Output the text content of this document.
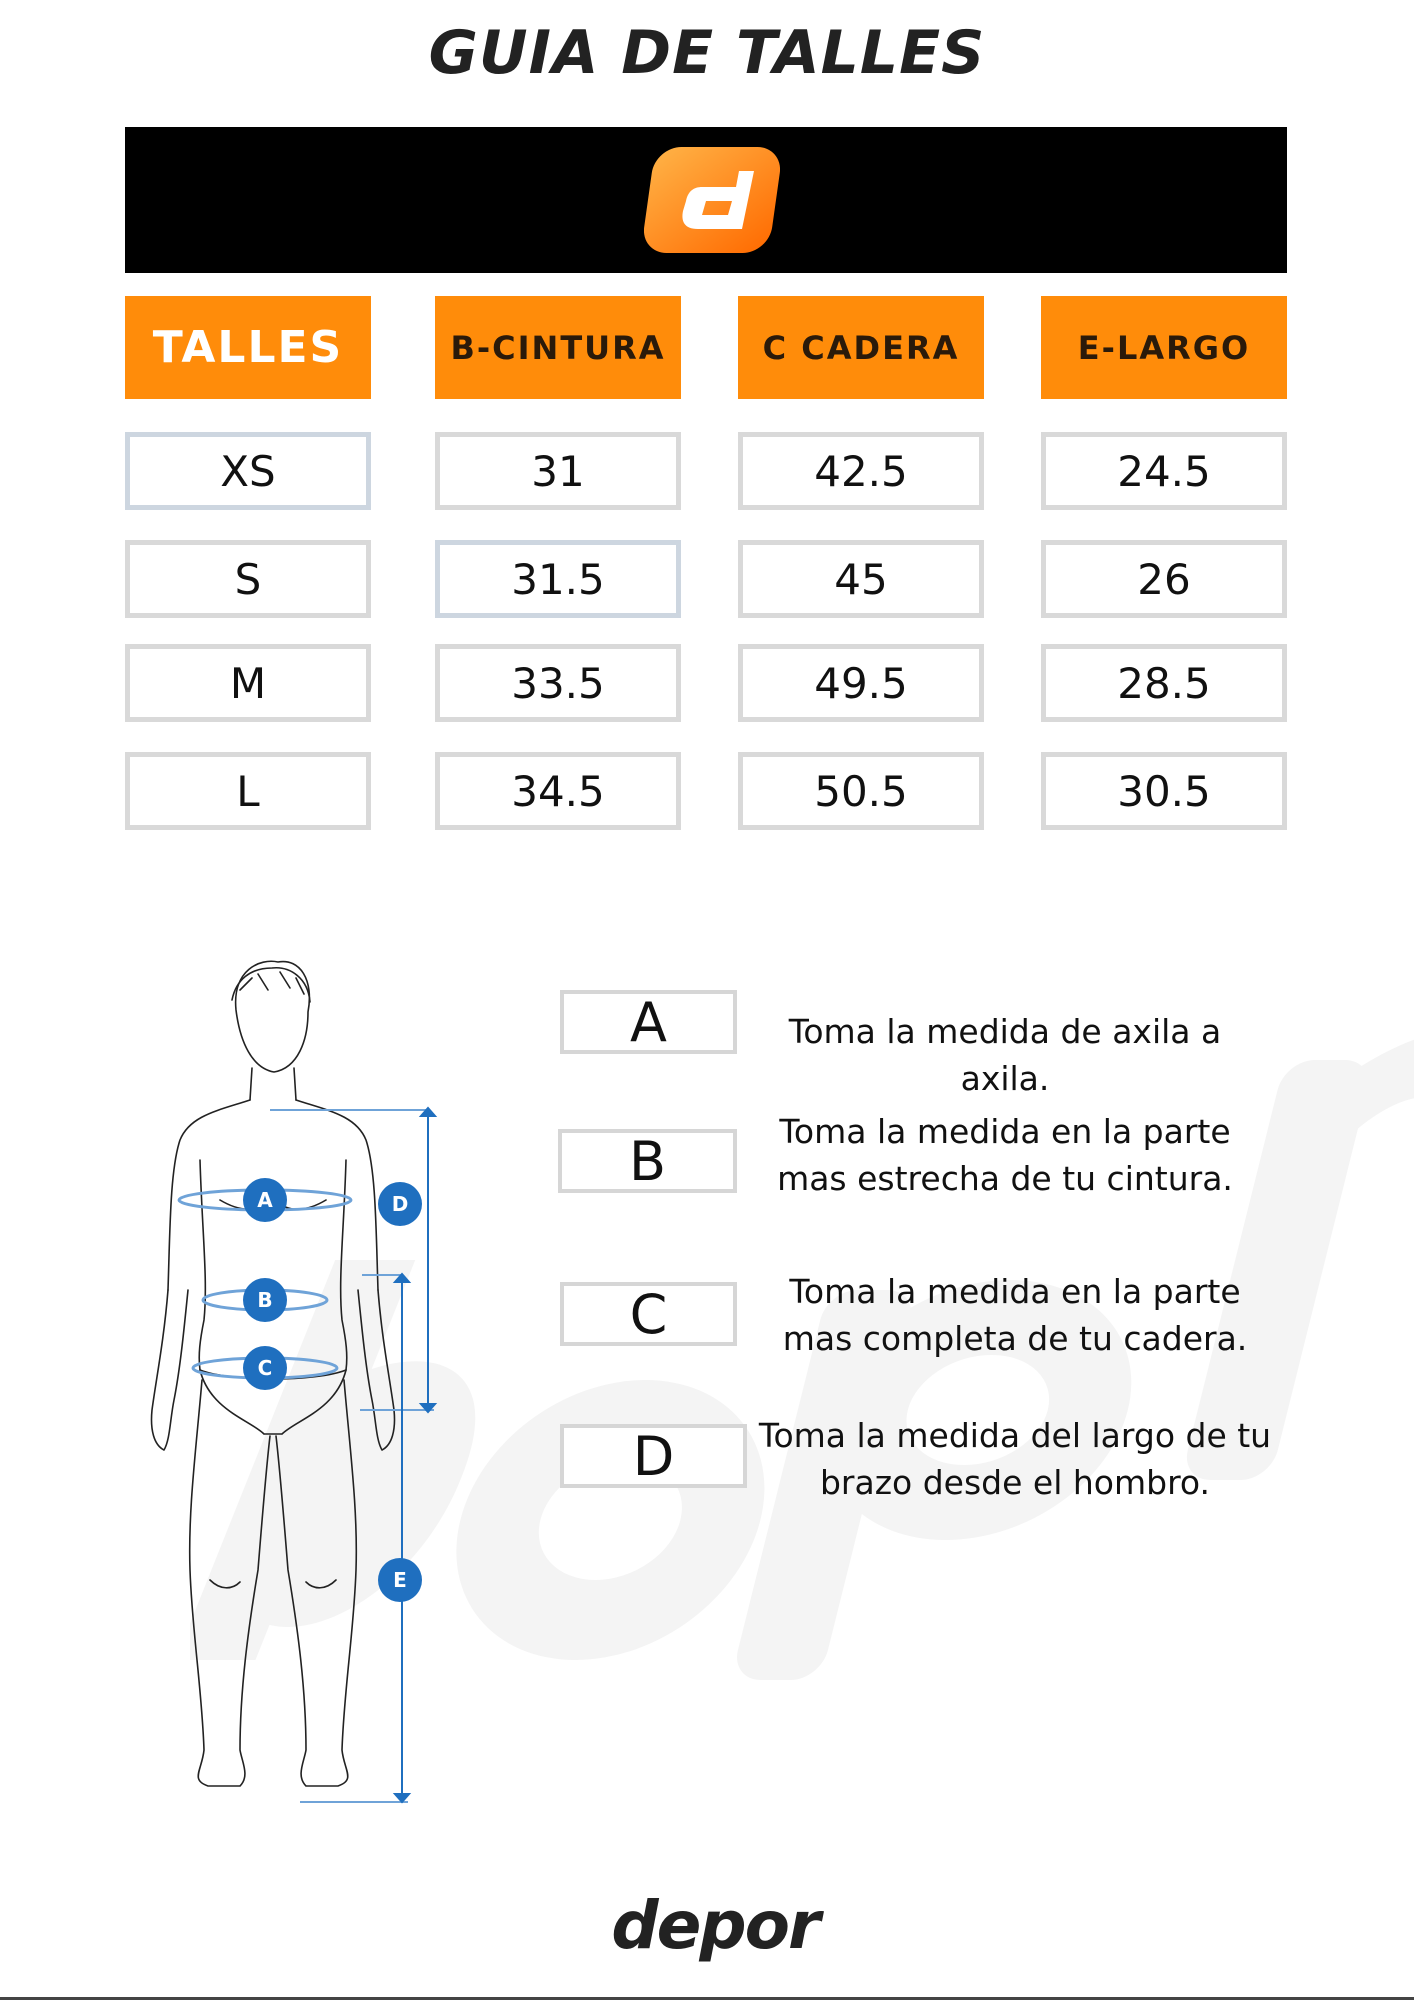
GUIA DE TALLES
TALLES	B-CINTURA	C CADERA	E-LARGO
XS	31	42.5	24.5
S	31.5	45	26
M	33.5	49.5	28.5
L	34.5	50.5	30.5
A
B
C
D
E
A	Toma la medida de axila a axila.
B	Toma la medida en la parte mas estrecha de tu cintura.
C	Toma la medida en la parte mas completa de tu cadera.
D	Toma la medida del largo de tu brazo desde el hombro.
depor
